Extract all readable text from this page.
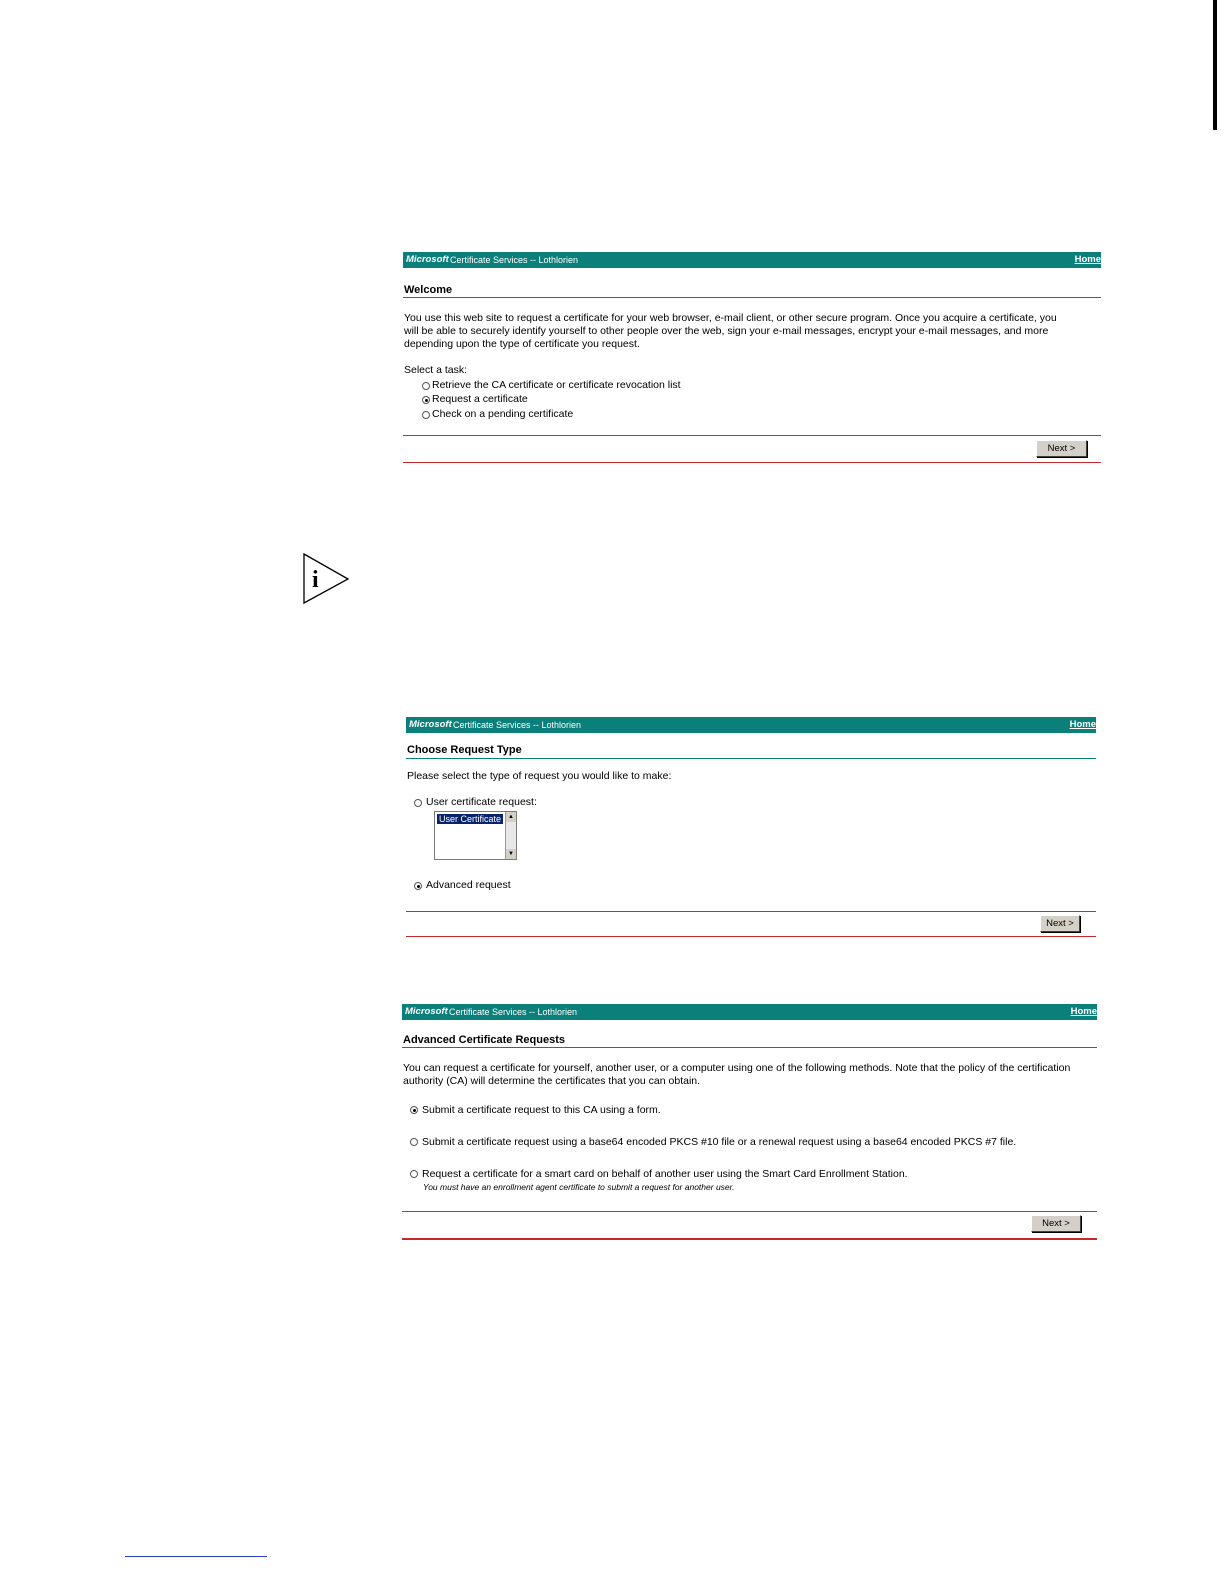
Microsoft Certificate Services -- Lothlorien	Home
Welcome
You use this web site to request a certificate for your web browser, e-mail client, or other secure program. Once you acquire a certificate, you
will be able to securely identify yourself to other people over the web, sign your e-mail messages, encrypt your e-mail messages, and more
depending upon the type of certificate you request.
Select a task:
Retrieve the CA certificate or certificate revocation list
Request a certificate
Check on a pending certificate
Next >
i
Microsoft Certificate Services -- Lothlorien	Home
Choose Request Type
Please select the type of request you would like to make:
User certificate request:
User Certificate	▲
▼
Advanced request
Next >
Microsoft Certificate Services -- Lothlorien	Home
Advanced Certificate Requests
You can request a certificate for yourself, another user, or a computer using one of the following methods. Note that the policy of the certification
authority (CA) will determine the certificates that you can obtain.
Submit a certificate request to this CA using a form.
Submit a certificate request using a base64 encoded PKCS #10 file or a renewal request using a base64 encoded PKCS #7 file.
Request a certificate for a smart card on behalf of another user using the Smart Card Enrollment Station.
You must have an enrollment agent certificate to submit a request for another user.
Next >
